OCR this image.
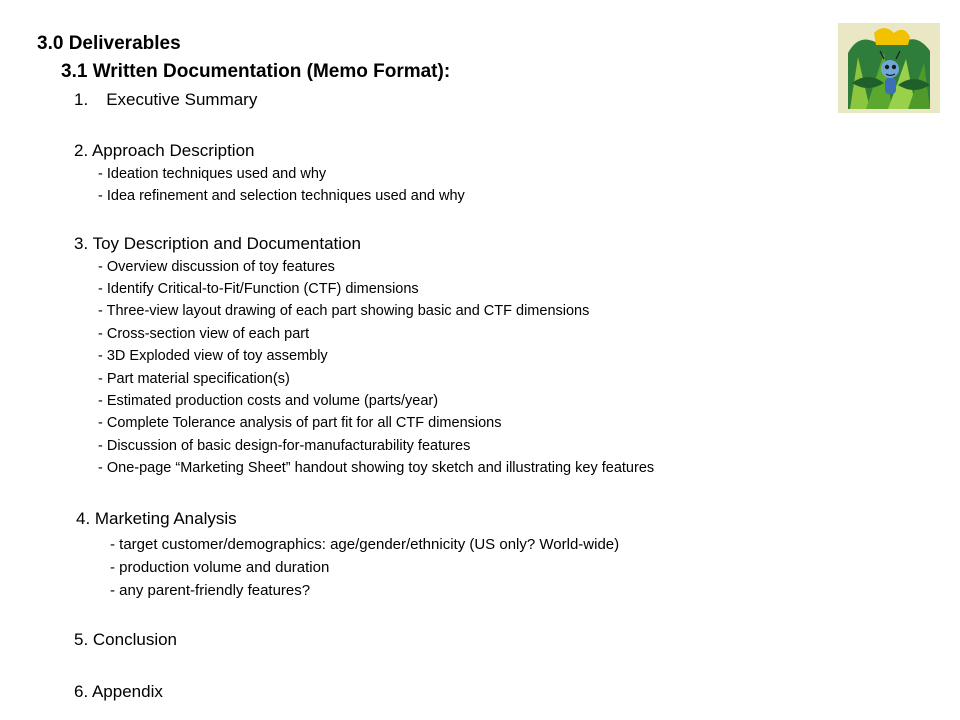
3.0 Deliverables
3.1 Written Documentation (Memo Format):
1. Executive Summary
2. Approach Description
- Ideation techniques used and why
- Idea refinement and selection techniques used and why
3. Toy Description and Documentation
- Overview discussion of toy features
- Identify Critical-to-Fit/Function (CTF) dimensions
- Three-view layout drawing of each part showing basic and CTF dimensions
- Cross-section view of each part
- 3D Exploded view of toy assembly
- Part material specification(s)
- Estimated production costs and volume (parts/year)
- Complete Tolerance analysis of part fit for all CTF dimensions
- Discussion of basic design-for-manufacturability features
- One-page “Marketing Sheet” handout showing toy sketch and illustrating key features
4. Marketing Analysis
- target customer/demographics: age/gender/ethnicity (US only? World-wide)
- production volume and duration
- any parent-friendly features?
5. Conclusion
6. Appendix
